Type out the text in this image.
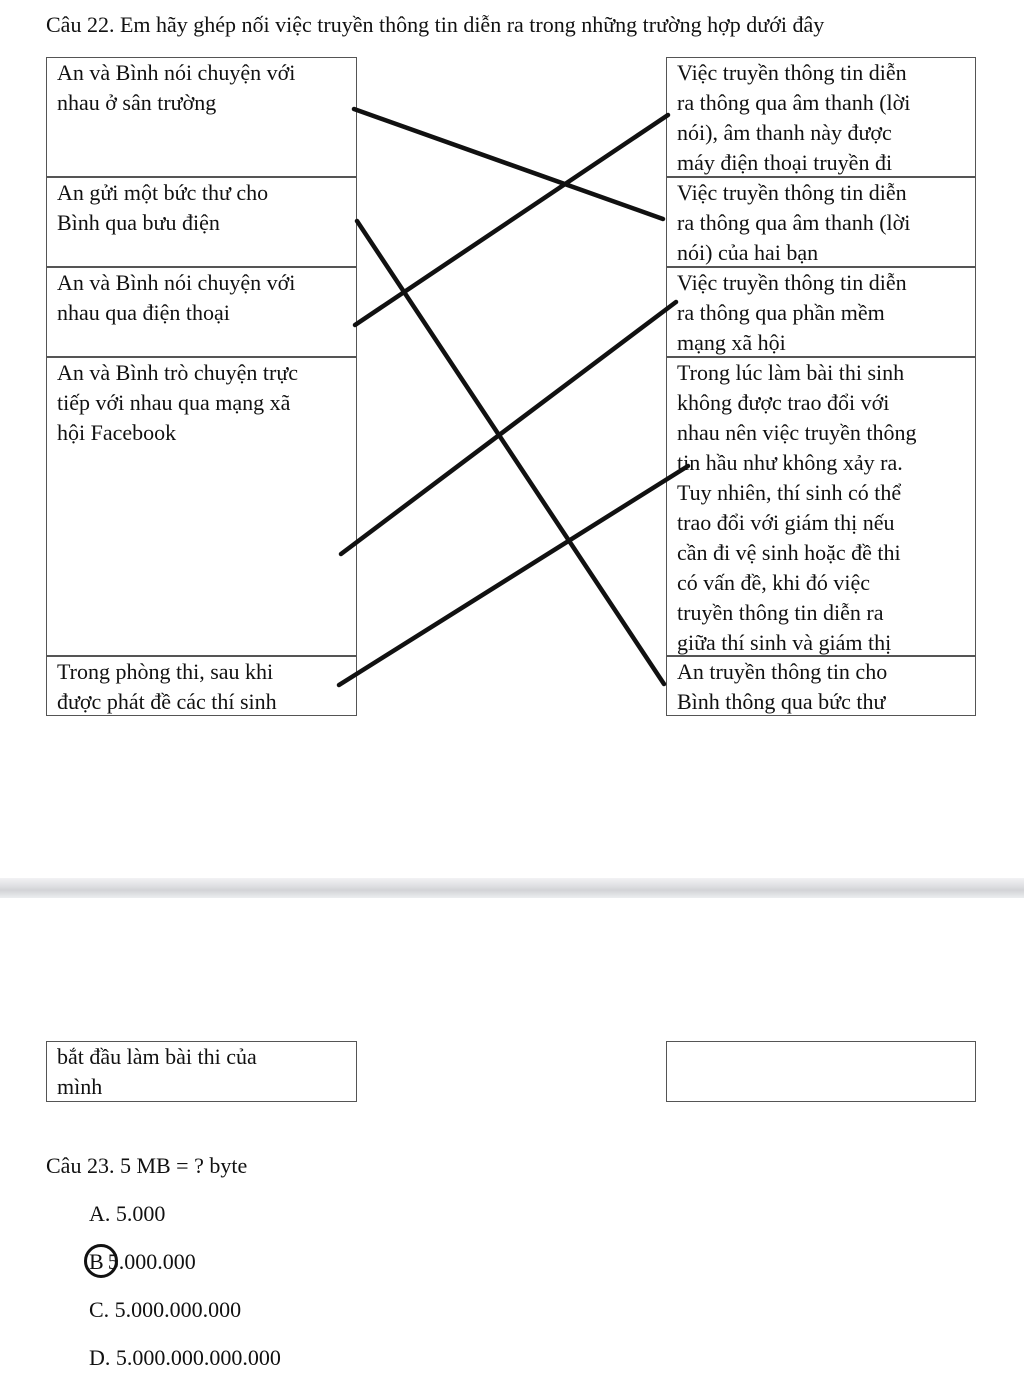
Câu 22. Em hãy ghép nối việc truyền thông tin diễn ra trong những trường hợp dưới đây
An và Bình nói chuyện với
nhau ở sân trường
An gửi một bức thư cho
Bình qua bưu điện
An và Bình nói chuyện với
nhau qua điện thoại
An và Bình trò chuyện trực
tiếp với nhau qua mạng xã
hội Facebook
Trong phòng thi, sau khi
được phát đề các thí sinh
Việc truyền thông tin diễn
ra thông qua âm thanh (lời
nói), âm thanh này được
máy điện thoại truyền đi
Việc truyền thông tin diễn
ra thông qua âm thanh (lời
nói) của hai bạn
Việc truyền thông tin diễn
ra thông qua phần mềm
mạng xã hội
Trong lúc làm bài thi sinh
không được trao đổi với
nhau nên việc truyền thông
tin hầu như không xảy ra.
Tuy nhiên, thí sinh có thể
trao đổi với giám thị nếu
cần đi vệ sinh hoặc đề thi
có vấn đề, khi đó việc
truyền thông tin diễn ra
giữa thí sinh và giám thị
An truyền thông tin cho
Bình thông qua bức thư
bắt đầu làm bài thi của
mình
Câu 23. 5 MB = ? byte
A. 5.000
B 5.000.000
C. 5.000.000.000
D. 5.000.000.000.000
